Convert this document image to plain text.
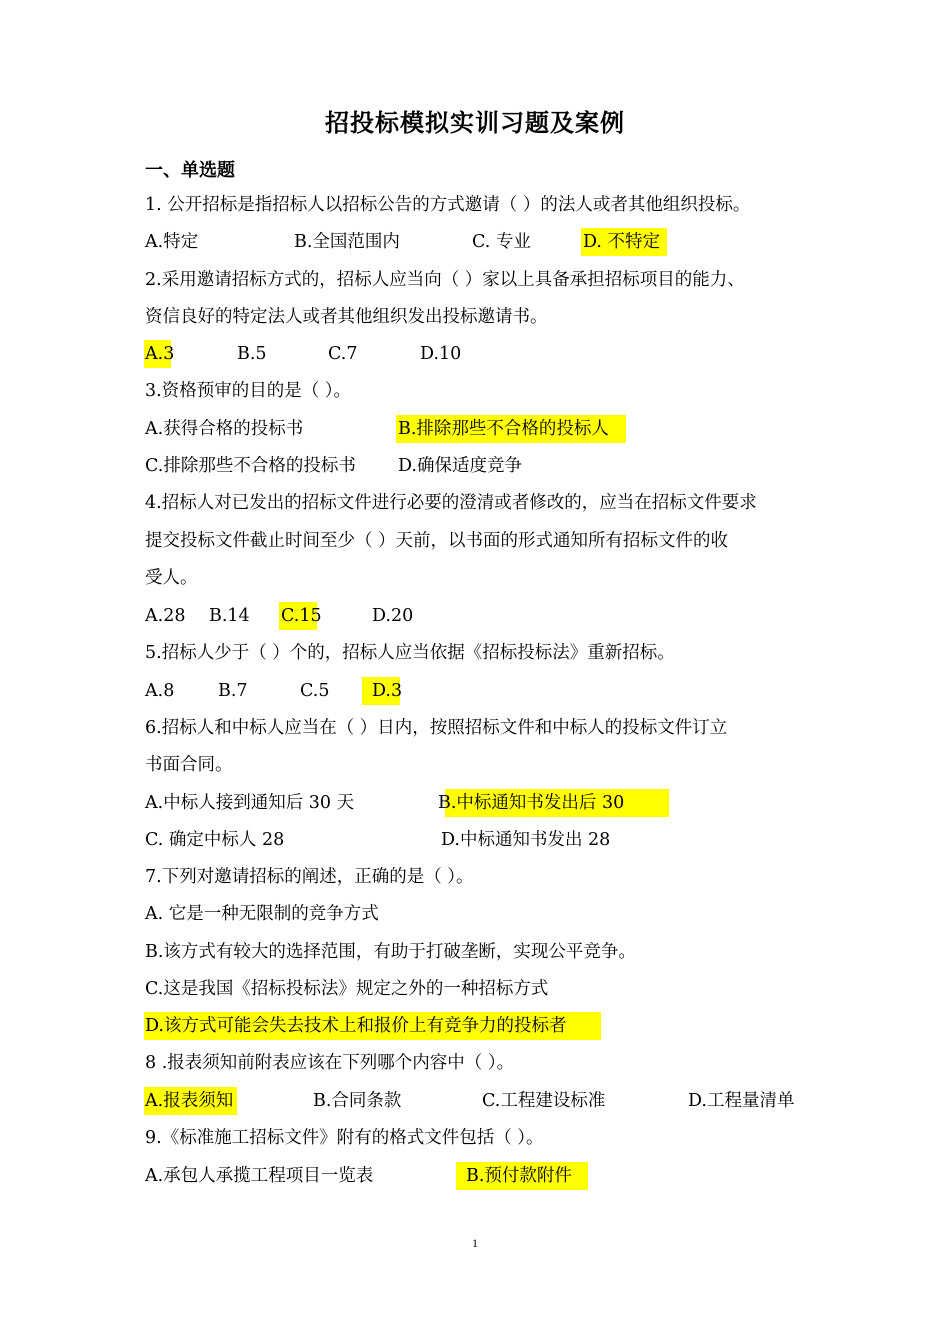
招投标模拟实训习题及案例
一、单选题
1. 公开招标是指招标人以招标公告的方式邀请（ ）的法人或者其他组织投标。
A.特定	B.全国范围内	C. 专业	D. 不特定
2.采用邀请招标方式的，招标人应当向（ ）家以上具备承担招标项目的能力、
资信良好的特定法人或者其他组织发出投标邀请书。
A.3	B.5	C.7	D.10
3.资格预审的目的是（ ）。
A.获得合格的投标书	B.排除那些不合格的投标人
C.排除那些不合格的投标书 D.确保适度竞争
4.招标人对已发出的招标文件进行必要的澄清或者修改的，应当在招标文件要求
提交投标文件截止时间至少（ ）天前，以书面的形式通知所有招标文件的收
受人。
A.28 B.14 C.15	D.20
5.招标人少于（ ）个的，招标人应当依据《招标投标法》重新招标。
A.8 B.7	C.5 D.3
6.招标人和中标人应当在（ ）日内，按照招标文件和中标人的投标文件订立
书面合同。
A.中标人接到通知后 30 天	B.中标通知书发出后 30
C. 确定中标人 28	D.中标通知书发出 28
7.下列对邀请招标的阐述，正确的是（ ）。
A. 它是一种无限制的竞争方式
B.该方式有较大的选择范围，有助于打破垄断，实现公平竞争。
C.这是我国《招标投标法》规定之外的一种招标方式
D.该方式可能会失去技术上和报价上有竞争力的投标者
8 .报表须知前附表应该在下列哪个内容中（ ）。
A.报表须知	B.合同条款	C.工程建设标准	D.工程量清单
9.《标准施工招标文件》附有的格式文件包括（ ）。
A.承包人承揽工程项目一览表	B.预付款附件
1
